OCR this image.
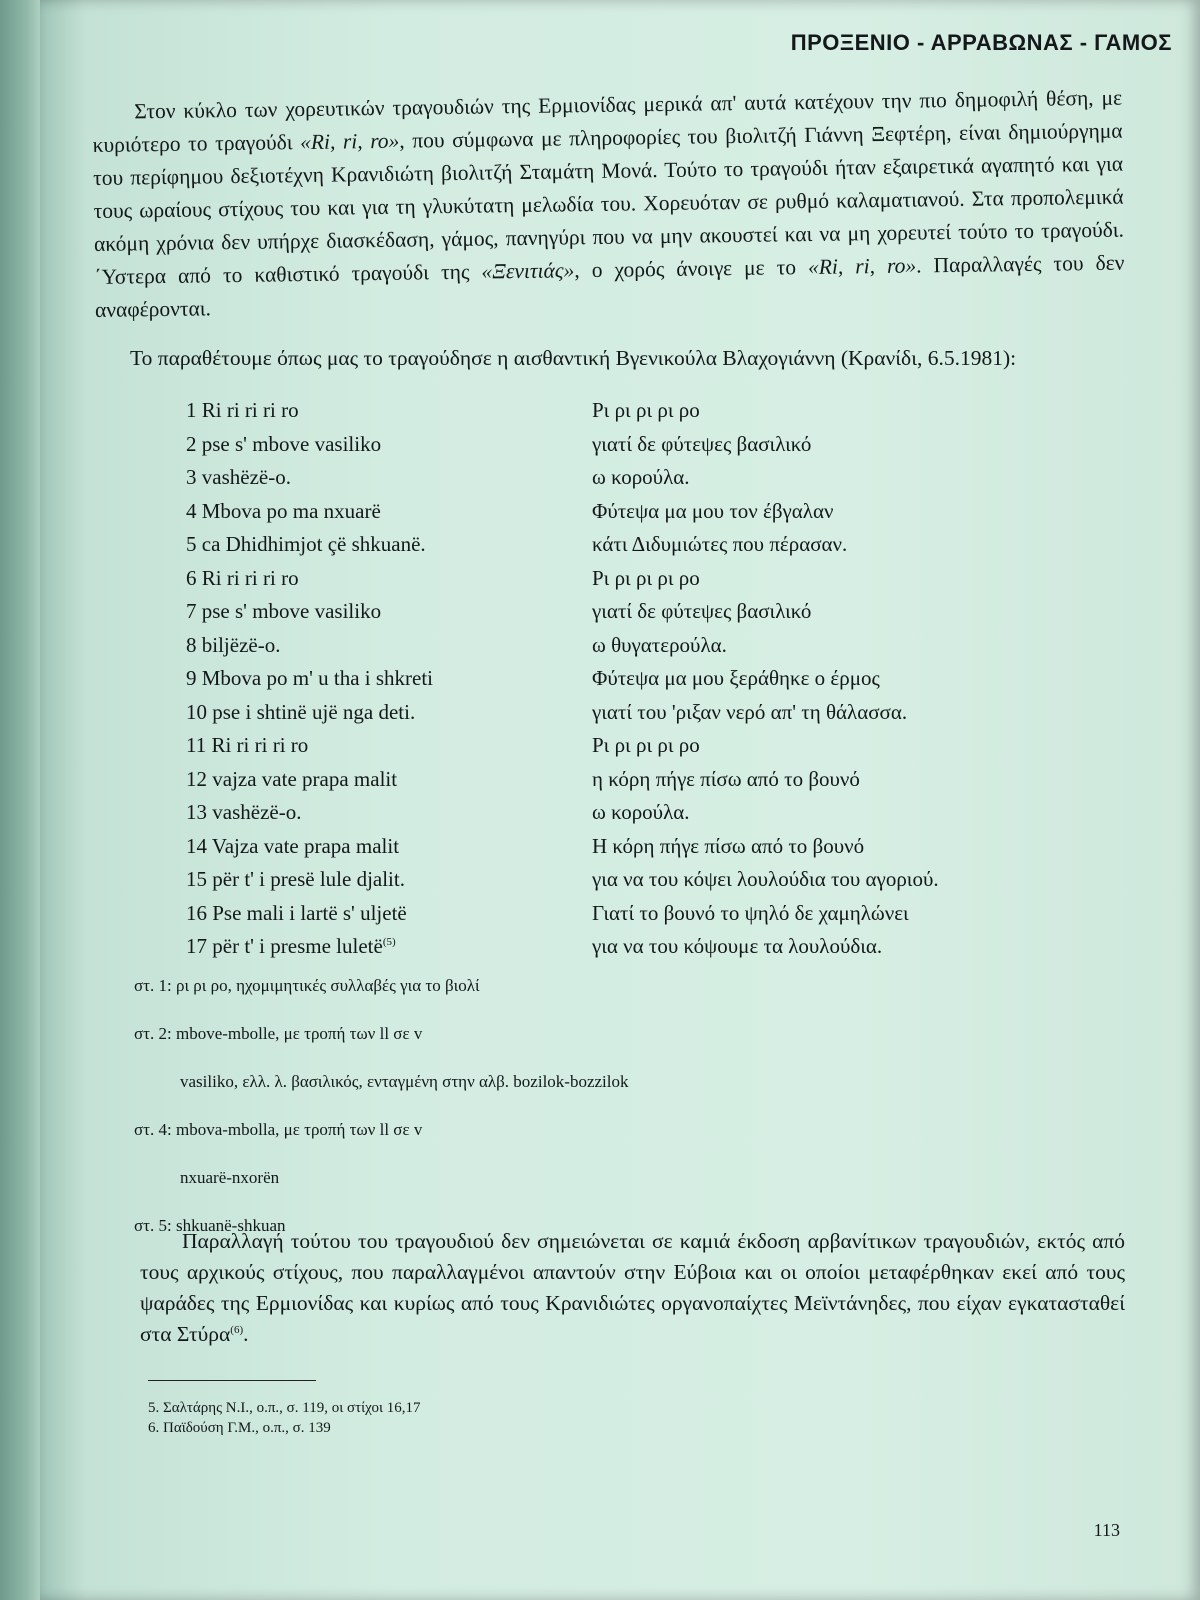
ΠΡΟΞΕΝΙΟ - ΑΡΡΑΒΩΝΑΣ - ΓΑΜΟΣ

Στον κύκλο των χορευτικών τραγουδιών της Ερμιονίδας μερικά απ' αυτά κατέχουν την πιο δημοφιλή θέση, με κυριότερο το τραγούδι «Ri, ri, ro», που σύμφωνα με πληροφορίες του βιολιτζή Γιάννη Ξεφτέρη, είναι δημιούργημα του περίφημου δεξιοτέχνη Κρανιδιώτη βιολιτζή Σταμάτη Μονά. Τούτο το τραγούδι ήταν εξαιρετικά αγαπητό και για τους ωραίους στίχους του και για τη γλυκύτατη μελωδία του. Χορευόταν σε ρυθμό καλαματιανού. Στα προπολεμικά ακόμη χρόνια δεν υπήρχε διασκέδαση, γάμος, πανηγύρι που να μην ακουστεί και να μη χορευτεί τούτο το τραγούδι. ΄Υστερα από το καθιστικό τραγούδι της «Ξενιτιάς», ο χορός άνοιγε με το «Ri, ri, ro». Παραλλαγές του δεν αναφέρονται.

Το παραθέτουμε όπως μας το τραγούδησε η αισθαντική Βγενικούλα Βλαχογιάννη (Κρανίδι, 6.5.1981):

1 Ri ri ri ri ro	Ρι ρι ρι ρι ρο
2 pse s' mbove vasiliko	γιατί δε φύτεψες βασιλικό
3 vashëzë-o.	ω κορούλα.
4 Mbova po ma nxuarë	Φύτεψα μα μου τον έβγαλαν
5 ca Dhidhimjot çë shkuanë.	κάτι Διδυμιώτες που πέρασαν.
6 Ri ri ri ri ro	Ρι ρι ρι ρι ρο
7 pse s' mbove vasiliko	γιατί δε φύτεψες βασιλικό
8 biljëzë-o.	ω θυγατερούλα.
9 Mbova po m' u tha i shkreti	Φύτεψα μα μου ξεράθηκε ο έρμος
10 pse i shtinë ujë nga deti.	γιατί του 'ριξαν νερό απ' τη θάλασσα.
11 Ri ri ri ri ro	Ρι ρι ρι ρι ρο
12 vajza vate prapa malit	η κόρη πήγε πίσω από το βουνό
13 vashëzë-o.	ω κορούλα.
14 Vajza vate prapa malit	Η κόρη πήγε πίσω από το βουνό
15 për t' i presë lule djalit.	για να του κόψει λουλούδια του αγοριού.
16 Pse mali i lartë s' uljetë	Γιατί το βουνό το ψηλό δε χαμηλώνει
17 për t' i presme luletë$^{(5)}$	για να του κόψουμε τα λουλούδια.
στ. 1: ρι ρι ρο, ηχομιμητικές συλλαβές για το βιολί
στ. 2: mbove-mbolle, με τροπή των ll σε v
vasiliko, ελλ. λ. βασιλικός, ενταγμένη στην αλβ. bozilok-bozzilok
στ. 4: mbova-mbolla, με τροπή των ll σε v
nxuarë-nxorën
στ. 5: shkuanë-shkuan

Παραλλαγή τούτου του τραγουδιού δεν σημειώνεται σε καμιά έκδοση αρβανίτικων τραγουδιών, εκτός από τους αρχικούς στίχους, που παραλλαγμένοι απαντούν στην Εύβοια και οι οποίοι μεταφέρθηκαν εκεί από τους ψαράδες της Ερμιονίδας και κυρίως από τους Κρανιδιώτες οργανοπαίχτες Μεϊντάνηδες, που είχαν εγκατασταθεί στα Στύρα$^{(6)}$.

5. Σαλτάρης Ν.Ι., ο.π., σ. 119, οι στίχοι 16,17
6. Παϊδούση Γ.Μ., ο.π., σ. 139
113
